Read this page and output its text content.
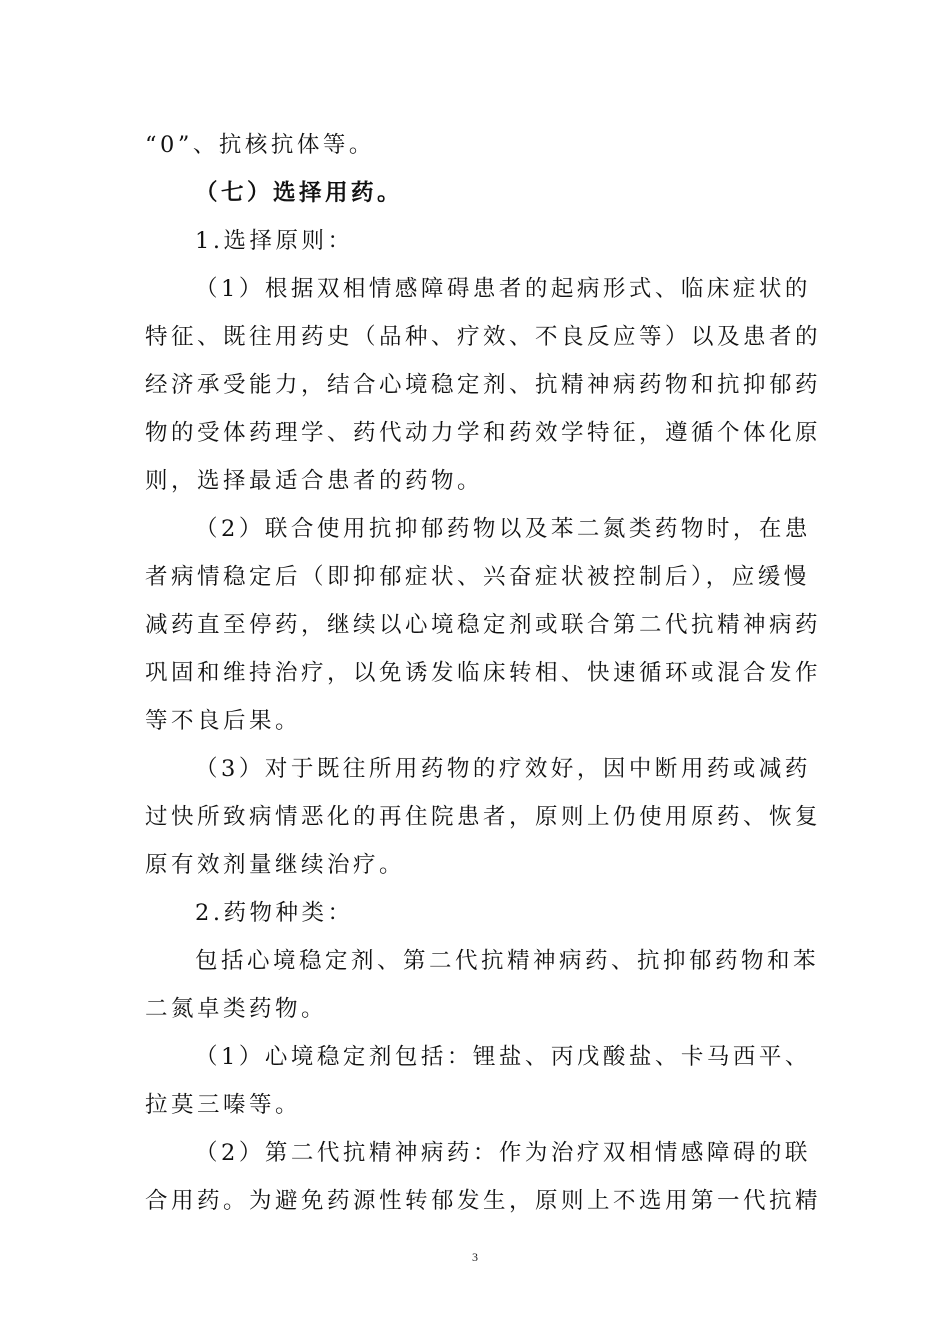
“0”、抗核抗体等。
（七）选择用药。
1.选择原则：
（1）根据双相情感障碍患者的起病形式、临床症状的
特征、既往用药史（品种、疗效、不良反应等）以及患者的
经济承受能力，结合心境稳定剂、抗精神病药物和抗抑郁药
物的受体药理学、药代动力学和药效学特征，遵循个体化原
则，选择最适合患者的药物。
（2）联合使用抗抑郁药物以及苯二氮类药物时，在患
者病情稳定后（即抑郁症状、兴奋症状被控制后），应缓慢
减药直至停药，继续以心境稳定剂或联合第二代抗精神病药
巩固和维持治疗，以免诱发临床转相、快速循环或混合发作
等不良后果。
（3）对于既往所用药物的疗效好，因中断用药或减药
过快所致病情恶化的再住院患者，原则上仍使用原药、恢复
原有效剂量继续治疗。
2.药物种类：
包括心境稳定剂、第二代抗精神病药、抗抑郁药物和苯
二氮卓类药物。
（1）心境稳定剂包括：锂盐、丙戊酸盐、卡马西平、
拉莫三嗪等。
（2）第二代抗精神病药：作为治疗双相情感障碍的联
合用药。为避免药源性转郁发生，原则上不选用第一代抗精
3
